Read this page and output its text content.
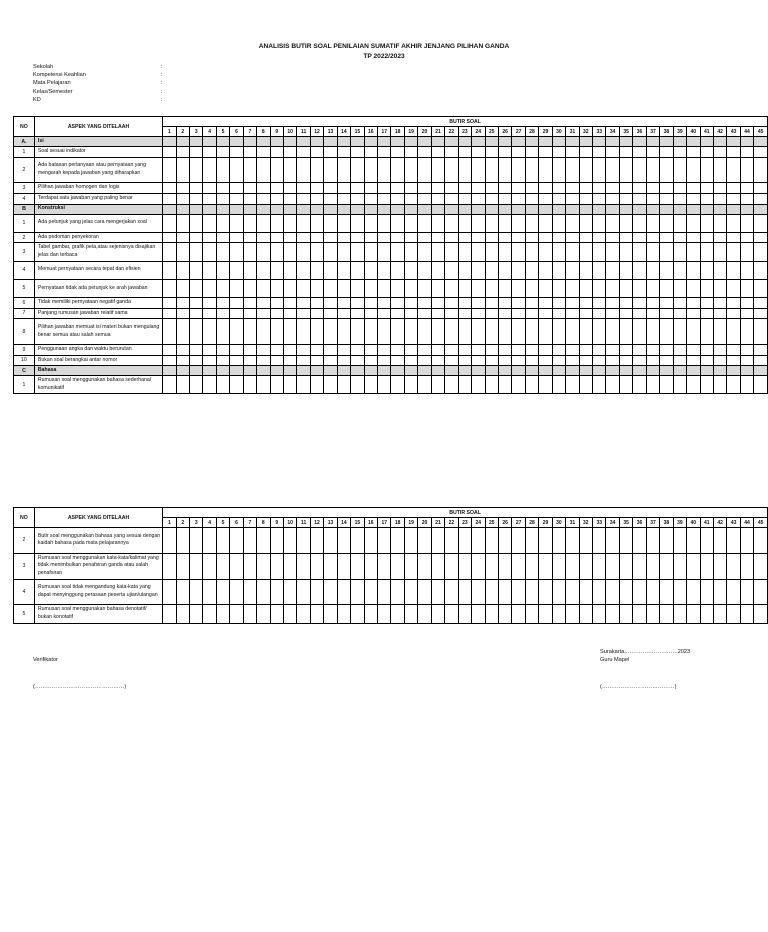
ANALISIS BUTIR SOAL PENILAIAN SUMATIF AKHIR JENJANG PILIHAN GANDA
TP 2022/2023
Sekolah	:
Kompetensi Keahlian	:
Mata Pelajaran	:
Kelas/Semester	:
KD	:
NO	ASPEK YANG DITELAAH	BUTIR SOAL																																												
		1	2	3	4	5	6	7	8	9	10	11	12	13	14	15	16	17	18	19	20	21	22	23	24	25	26	27	28	29	30	31	32	33	34	35	36	37	38	39	40	41	42	43	44	45
A.	Isi																																													
1	Soal sesuai indikator																																													
2	Ada batasan pertanyaan atau pernyataan yang mengarah kepada jawaban yang diharapkan																																													
3	Pilihan jawaban homogen dan logis																																													
4	Terdapat satu jawaban yang paling benar																																													
B	Konstruksi																																													
1	Ada petunjuk yang jelas cara mengerjakan soal																																													
2	Ada pedoman penyekoran																																													
3	Tabel gambar, grafik peta,atau sejenisnya disajikan jelas dan terbaca																																													
4	Memuat pernyataan secara tepat dan efisien																																													
5	Pernyataan tidak ada petunjuk ke arah jawaban																																													
6	Tidak memiliki pernyataan negatif ganda																																													
7	Panjang rumusan jawaban relatif sama																																													
8	Pilihan jawaban memuat isi materi bukan mengulang benar semua atau salah semua																																													
9	Penggunaan angka dan waktu berurutan																																													
10	Bukan soal berangkai antar nomor																																													
C	Bahasa																																													
1	Rumusan soal menggunakan bahasa sederhana/ komunikatif																																													
NO	ASPEK YANG DITELAAH	BUTIR SOAL																																												
		1	2	3	4	5	6	7	8	9	10	11	12	13	14	15	16	17	18	19	20	21	22	23	24	25	26	27	28	29	30	31	32	33	34	35	36	37	38	39	40	41	42	43	44	45
2	Butir soal menggunakan bahasa yang sesuai dengan kaidah bahasa pada mata pelajarannya																																													
3	Rumusan soal menggunakan kata-kata/kalimat yang tidak menimbulkan penafsiran ganda atau salah penafsiran																																													
4	Rumusan soal tidak mengandung kata-kata yang dapat menyinggung perasaan peserta ujian/ulangan																																													
5	Rumusan soal menggunakan bahasa denotatif/ bukan konotatif																																													
Verifikator
(…………………………………………)
Surakarta,……………………….2023
Guru Mapel
(…………………………………)
